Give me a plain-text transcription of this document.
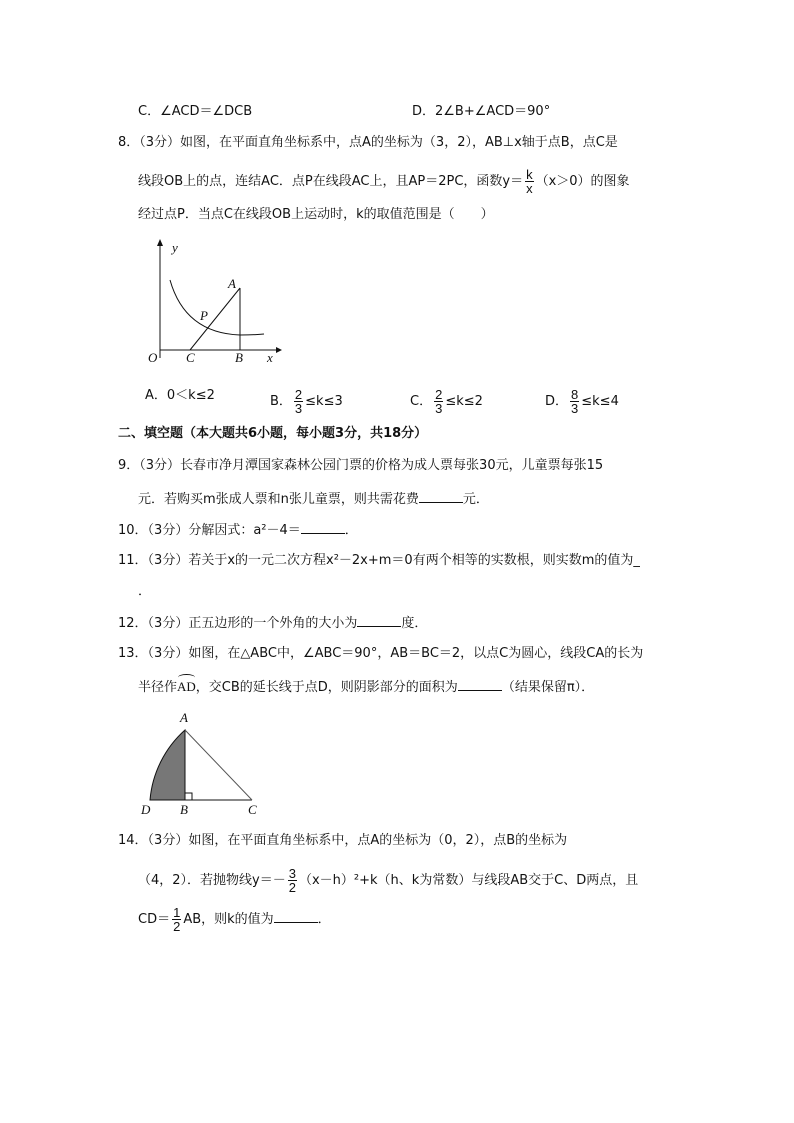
C．∠ACD＝∠DCB	D．2∠B+∠ACD＝90°
8．（3分）如图，在平面直角坐标系中，点A的坐标为（3，2），AB⊥x轴于点B，点C是
线段OB上的点，连结AC．点P在线段AC上，且AP＝2PC，函数$y= \frac{k}{x} (x>0)$的图象
经过点P．当点C在线段OB上运动时，k的取值范围是（　　）
y
A
P
O C	B x
A．0＜k≤2	B． $\frac{2}{3} \le k\le 3$	C． $\frac{2}{3} \le k\le 2$	D． $\frac{8}{3} \le k\le 4$
二、填空题（本大题共6小题，每小题3分，共18分）
9．（3分）长春市净月潭国家森林公园门票的价格为成人票每张30元，儿童票每张15
元．若购买m张成人票和n张儿童票，则共需花费	元．
10．（3分）分解因式：a²－4＝	．
11．（3分）若关于x的一元二次方程x²－2x+m＝0有两个相等的实数根，则实数m的值为_
．
12．（3分）正五边形的一个外角的大小为	度．
13．（3分）如图，在△ABC中，∠ABC＝90°，AB＝BC＝2，以点C为圆心，线段CA的长为
半径作
AD，交CB的延长线于点D，则阴影部分的面积为	（结果保留π）．
A
B	C
D
14．（3分）如图，在平面直角坐标系中，点A的坐标为（0，2），点B的坐标为
（4，2）．若抛物线$y=- \frac{3}{2} (x-h)^2+k(h$、k为常数）与线段AB交于C、D两点，且
$CD= \frac{1}{2}$ AB，则k的值为	．
